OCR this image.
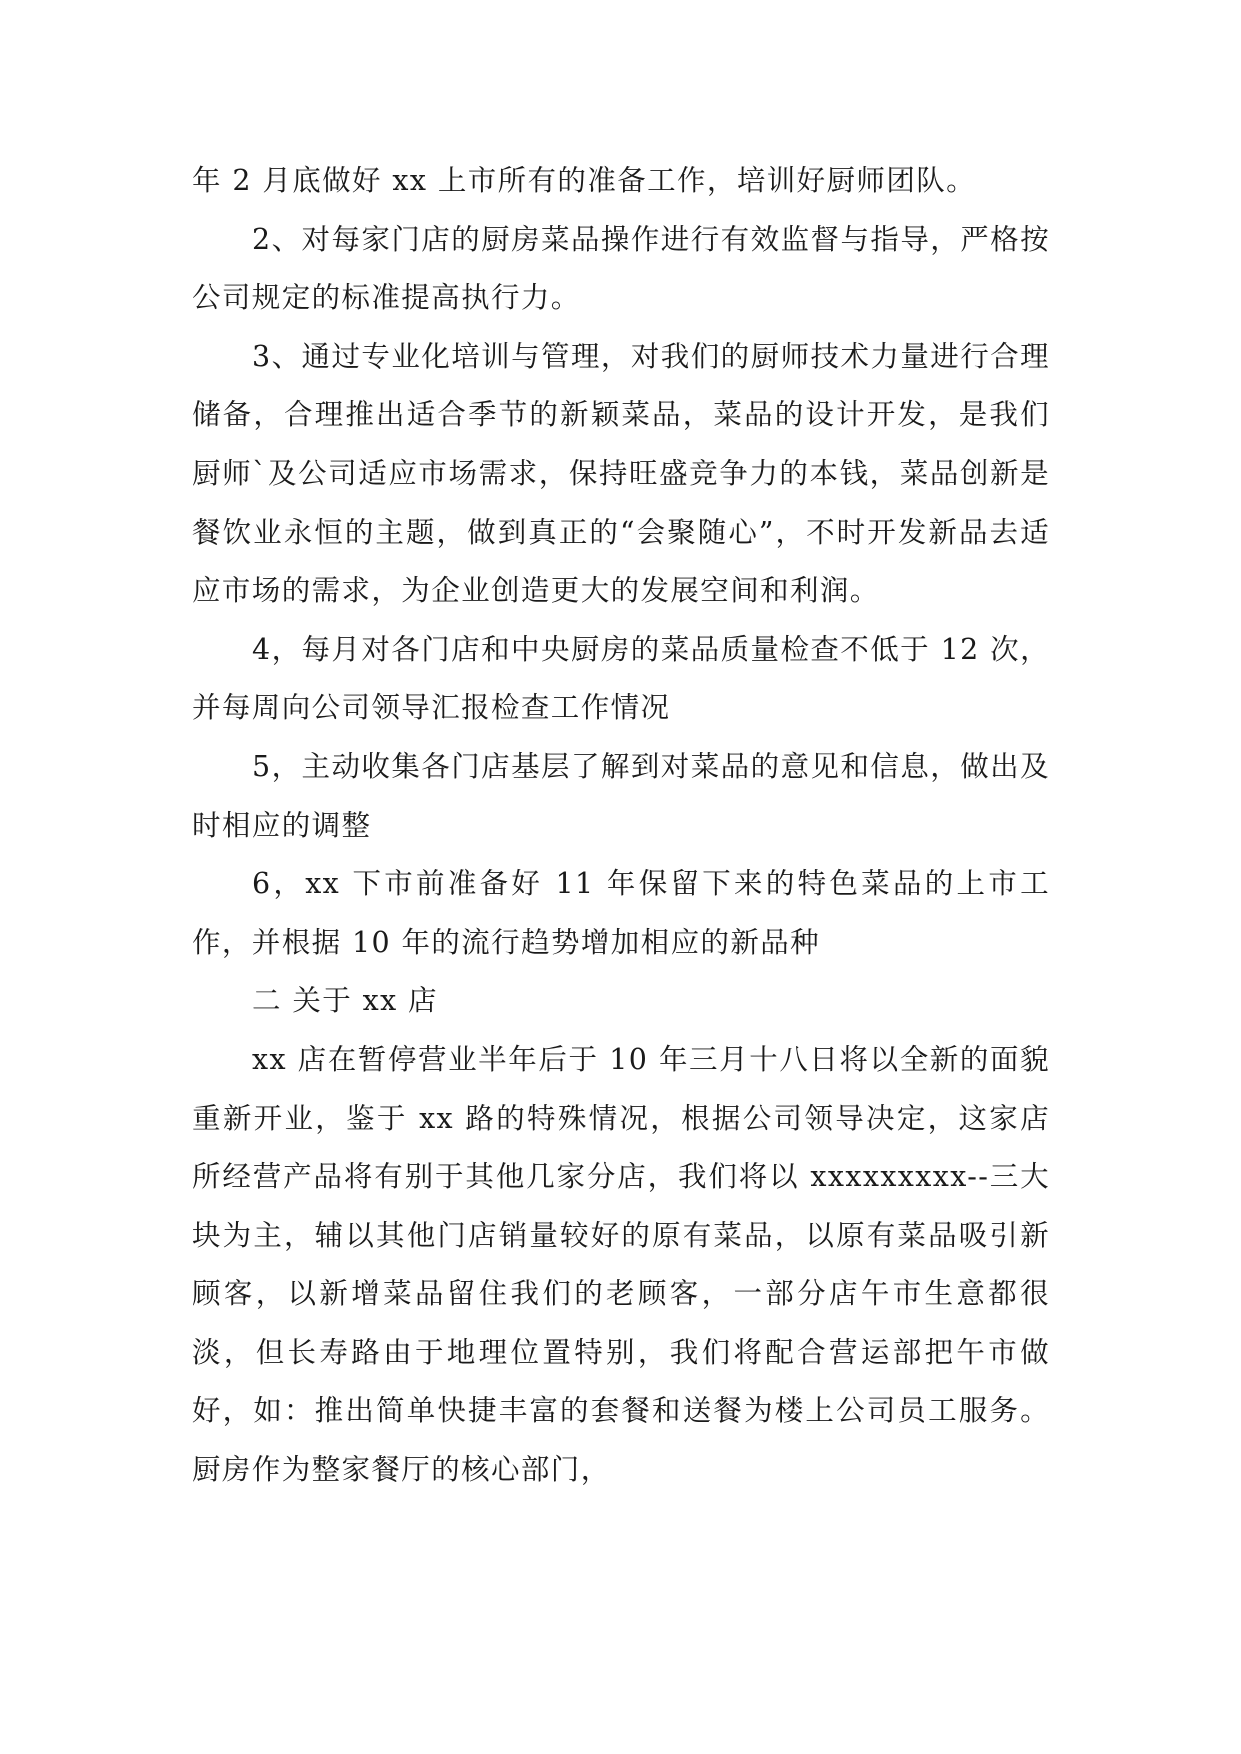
年 2 月底做好 xx 上市所有的准备工作，培训好厨师团队。

2、对每家门店的厨房菜品操作进行有效监督与指导，严格按公司规定的标准提高执行力。

3、通过专业化培训与管理，对我们的厨师技术力量进行合理储备，合理推出适合季节的新颖菜品，菜品的设计开发，是我们厨师`及公司适应市场需求，保持旺盛竞争力的本钱，菜品创新是餐饮业永恒的主题，做到真正的“会聚随心”，不时开发新品去适应市场的需求，为企业创造更大的发展空间和利润。

4，每月对各门店和中央厨房的菜品质量检查不低于 12 次，并每周向公司领导汇报检查工作情况

5，主动收集各门店基层了解到对菜品的意见和信息，做出及时相应的调整

6，xx 下市前准备好 11 年保留下来的特色菜品的上市工作，并根据 10 年的流行趋势增加相应的新品种

二 关于 xx 店

xx 店在暂停营业半年后于 10 年三月十八日将以全新的面貌重新开业，鉴于 xx 路的特殊情况，根据公司领导决定，这家店所经营产品将有别于其他几家分店，我们将以 xxxxxxxxx--三大块为主，辅以其他门店销量较好的原有菜品，以原有菜品吸引新顾客，以新增菜品留住我们的老顾客，一部分店午市生意都很淡，但长寿路由于地理位置特别，我们将配合营运部把午市做好，如：推出简单快捷丰富的套餐和送餐为楼上公司员工服务。厨房作为整家餐厅的核心部门，
